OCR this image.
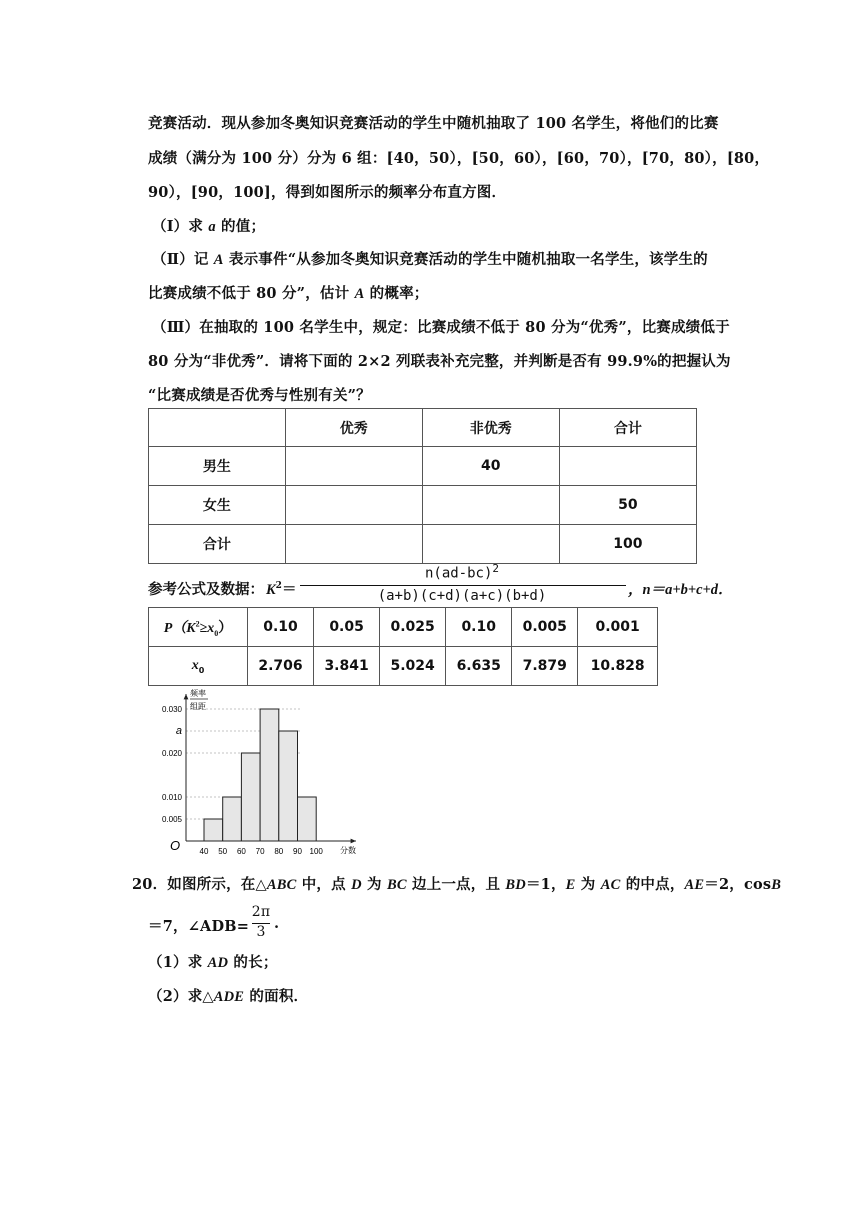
竞赛活动．现从参加冬奥知识竞赛活动的学生中随机抽取了 100 名学生，将他们的比赛
成绩（满分为 100 分）分为 6 组：[40，50），[50，60），[60，70），[70，80），[80，
90），[90，100]，得到如图所示的频率分布直方图．
（Ⅰ）求 a 的值；
（Ⅱ）记 A 表示事件“从参加冬奥知识竞赛活动的学生中随机抽取一名学生，该学生的
比赛成绩不低于 80 分”，估计 A 的概率；
（Ⅲ）在抽取的 100 名学生中，规定：比赛成绩不低于 80 分为“优秀”，比赛成绩低于
80 分为“非优秀”．请将下面的 2×2 列联表补充完整，并判断是否有 99.9%的把握认为
“比赛成绩是否优秀与性别有关”？
	优秀	非优秀	合计
男生		40	
女生			50
合计			100
参考公式及数据： $K^2=$
$n(ad-bc)^2$
(a+b)(c+d)(a+c)(b+d)	，n＝a+b+c+d．
$P(K^2\ge x_0)$	0.10	0.05	0.025	0.10	0.005	0.001
$x_0$	2.706	3.841	5.024	6.635	7.879	10.828
0.005
0.010
0.020
a
0.030
40 50 60 70 80 90 100
频率
组距
分数
O
20．如图所示，在△ABC 中，点 D 为 BC 边上一点，且 BD＝1，E 为 AC 的中点，AE＝2，cosB
＝7，∠ADB=
2π
3 .
（1）求 AD 的长；
（2）求△ADE 的面积．
